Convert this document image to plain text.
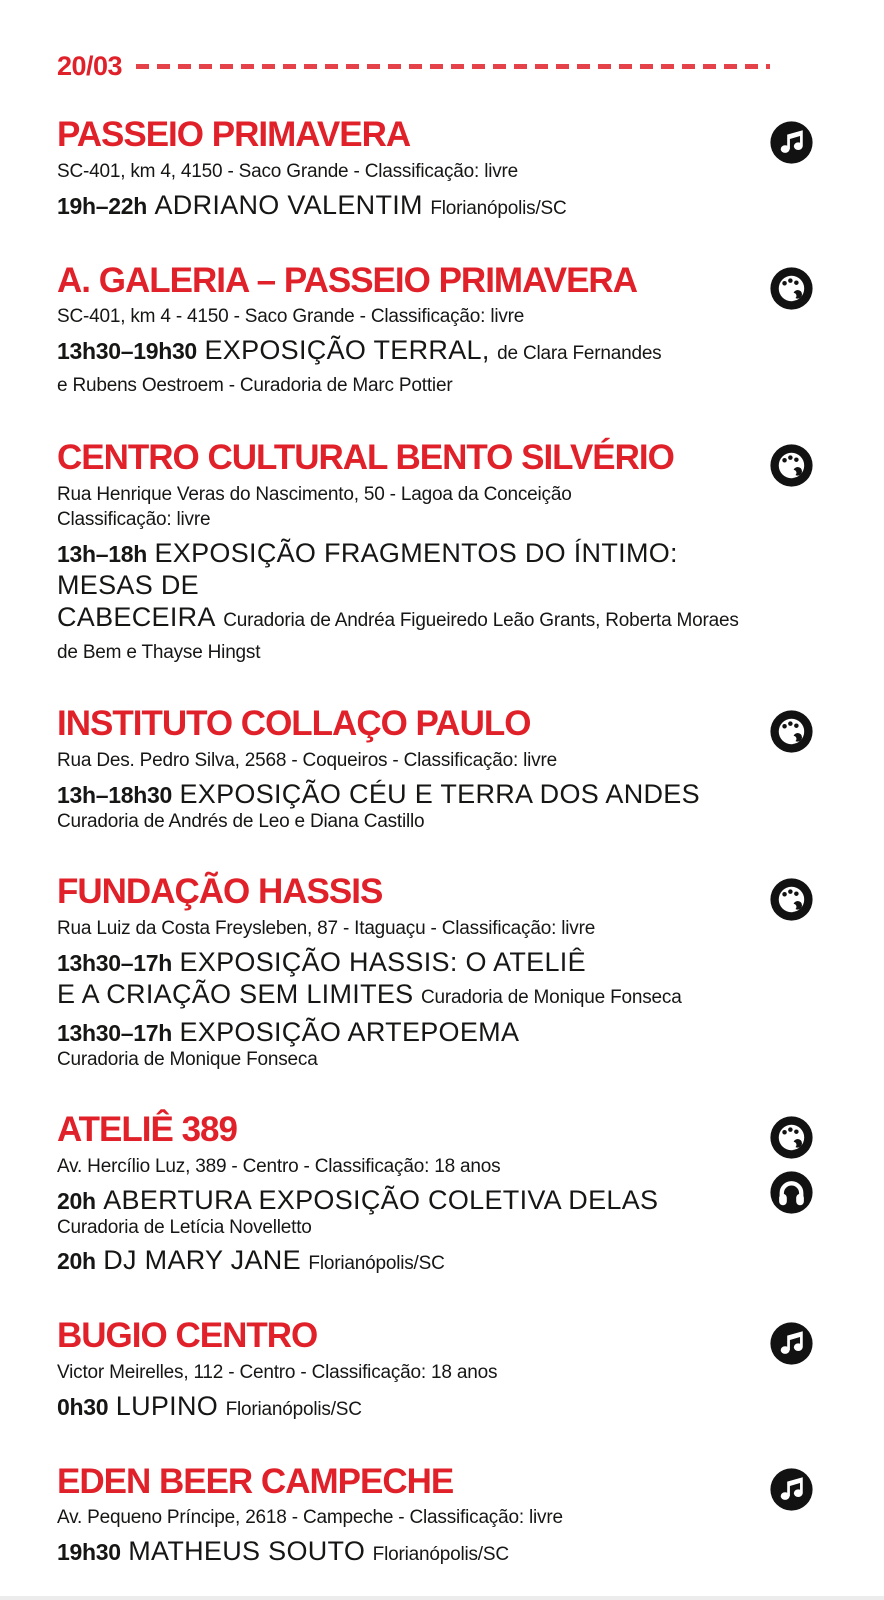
20/03
PASSEIO PRIMAVERA

SC-401, km 4, 4150 - Saco Grande - Classificação: livre

19h–22h ADRIANO VALENTIM Florianópolis/SC

A. GALERIA – PASSEIO PRIMAVERA

SC-401, km 4 - 4150 - Saco Grande - Classificação: livre

13h30–19h30 EXPOSIÇÃO TERRAL, de Clara Fernandes
e Rubens Oestroem - Curadoria de Marc Pottier

CENTRO CULTURAL BENTO SILVÉRIO

Rua Henrique Veras do Nascimento, 50 - Lagoa da Conceição

Classificação: livre

13h–18h EXPOSIÇÃO FRAGMENTOS DO ÍNTIMO: MESAS DE
CABECEIRA Curadoria de Andréa Figueiredo Leão Grants, Roberta Moraes
de Bem e Thayse Hingst

INSTITUTO COLLAÇO PAULO

Rua Des. Pedro Silva, 2568 - Coqueiros - Classificação: livre

13h–18h30 EXPOSIÇÃO CÉU E TERRA DOS ANDES
Curadoria de Andrés de Leo e Diana Castillo

FUNDAÇÃO HASSIS

Rua Luiz da Costa Freysleben, 87 - Itaguaçu - Classificação: livre

13h30–17h EXPOSIÇÃO HASSIS: O ATELIÊ
E A CRIAÇÃO SEM LIMITES Curadoria de Monique Fonseca

13h30–17h EXPOSIÇÃO ARTEPOEMA
Curadoria de Monique Fonseca

ATELIÊ 389

Av. Hercílio Luz, 389 - Centro - Classificação: 18 anos

20h ABERTURA EXPOSIÇÃO COLETIVA DELAS
Curadoria de Letícia Novelletto

20h DJ MARY JANE Florianópolis/SC

BUGIO CENTRO

Victor Meirelles, 112 - Centro - Classificação: 18 anos

0h30 LUPINO Florianópolis/SC

EDEN BEER CAMPECHE

Av. Pequeno Príncipe, 2618 - Campeche - Classificação: livre

19h30 MATHEUS SOUTO Florianópolis/SC
